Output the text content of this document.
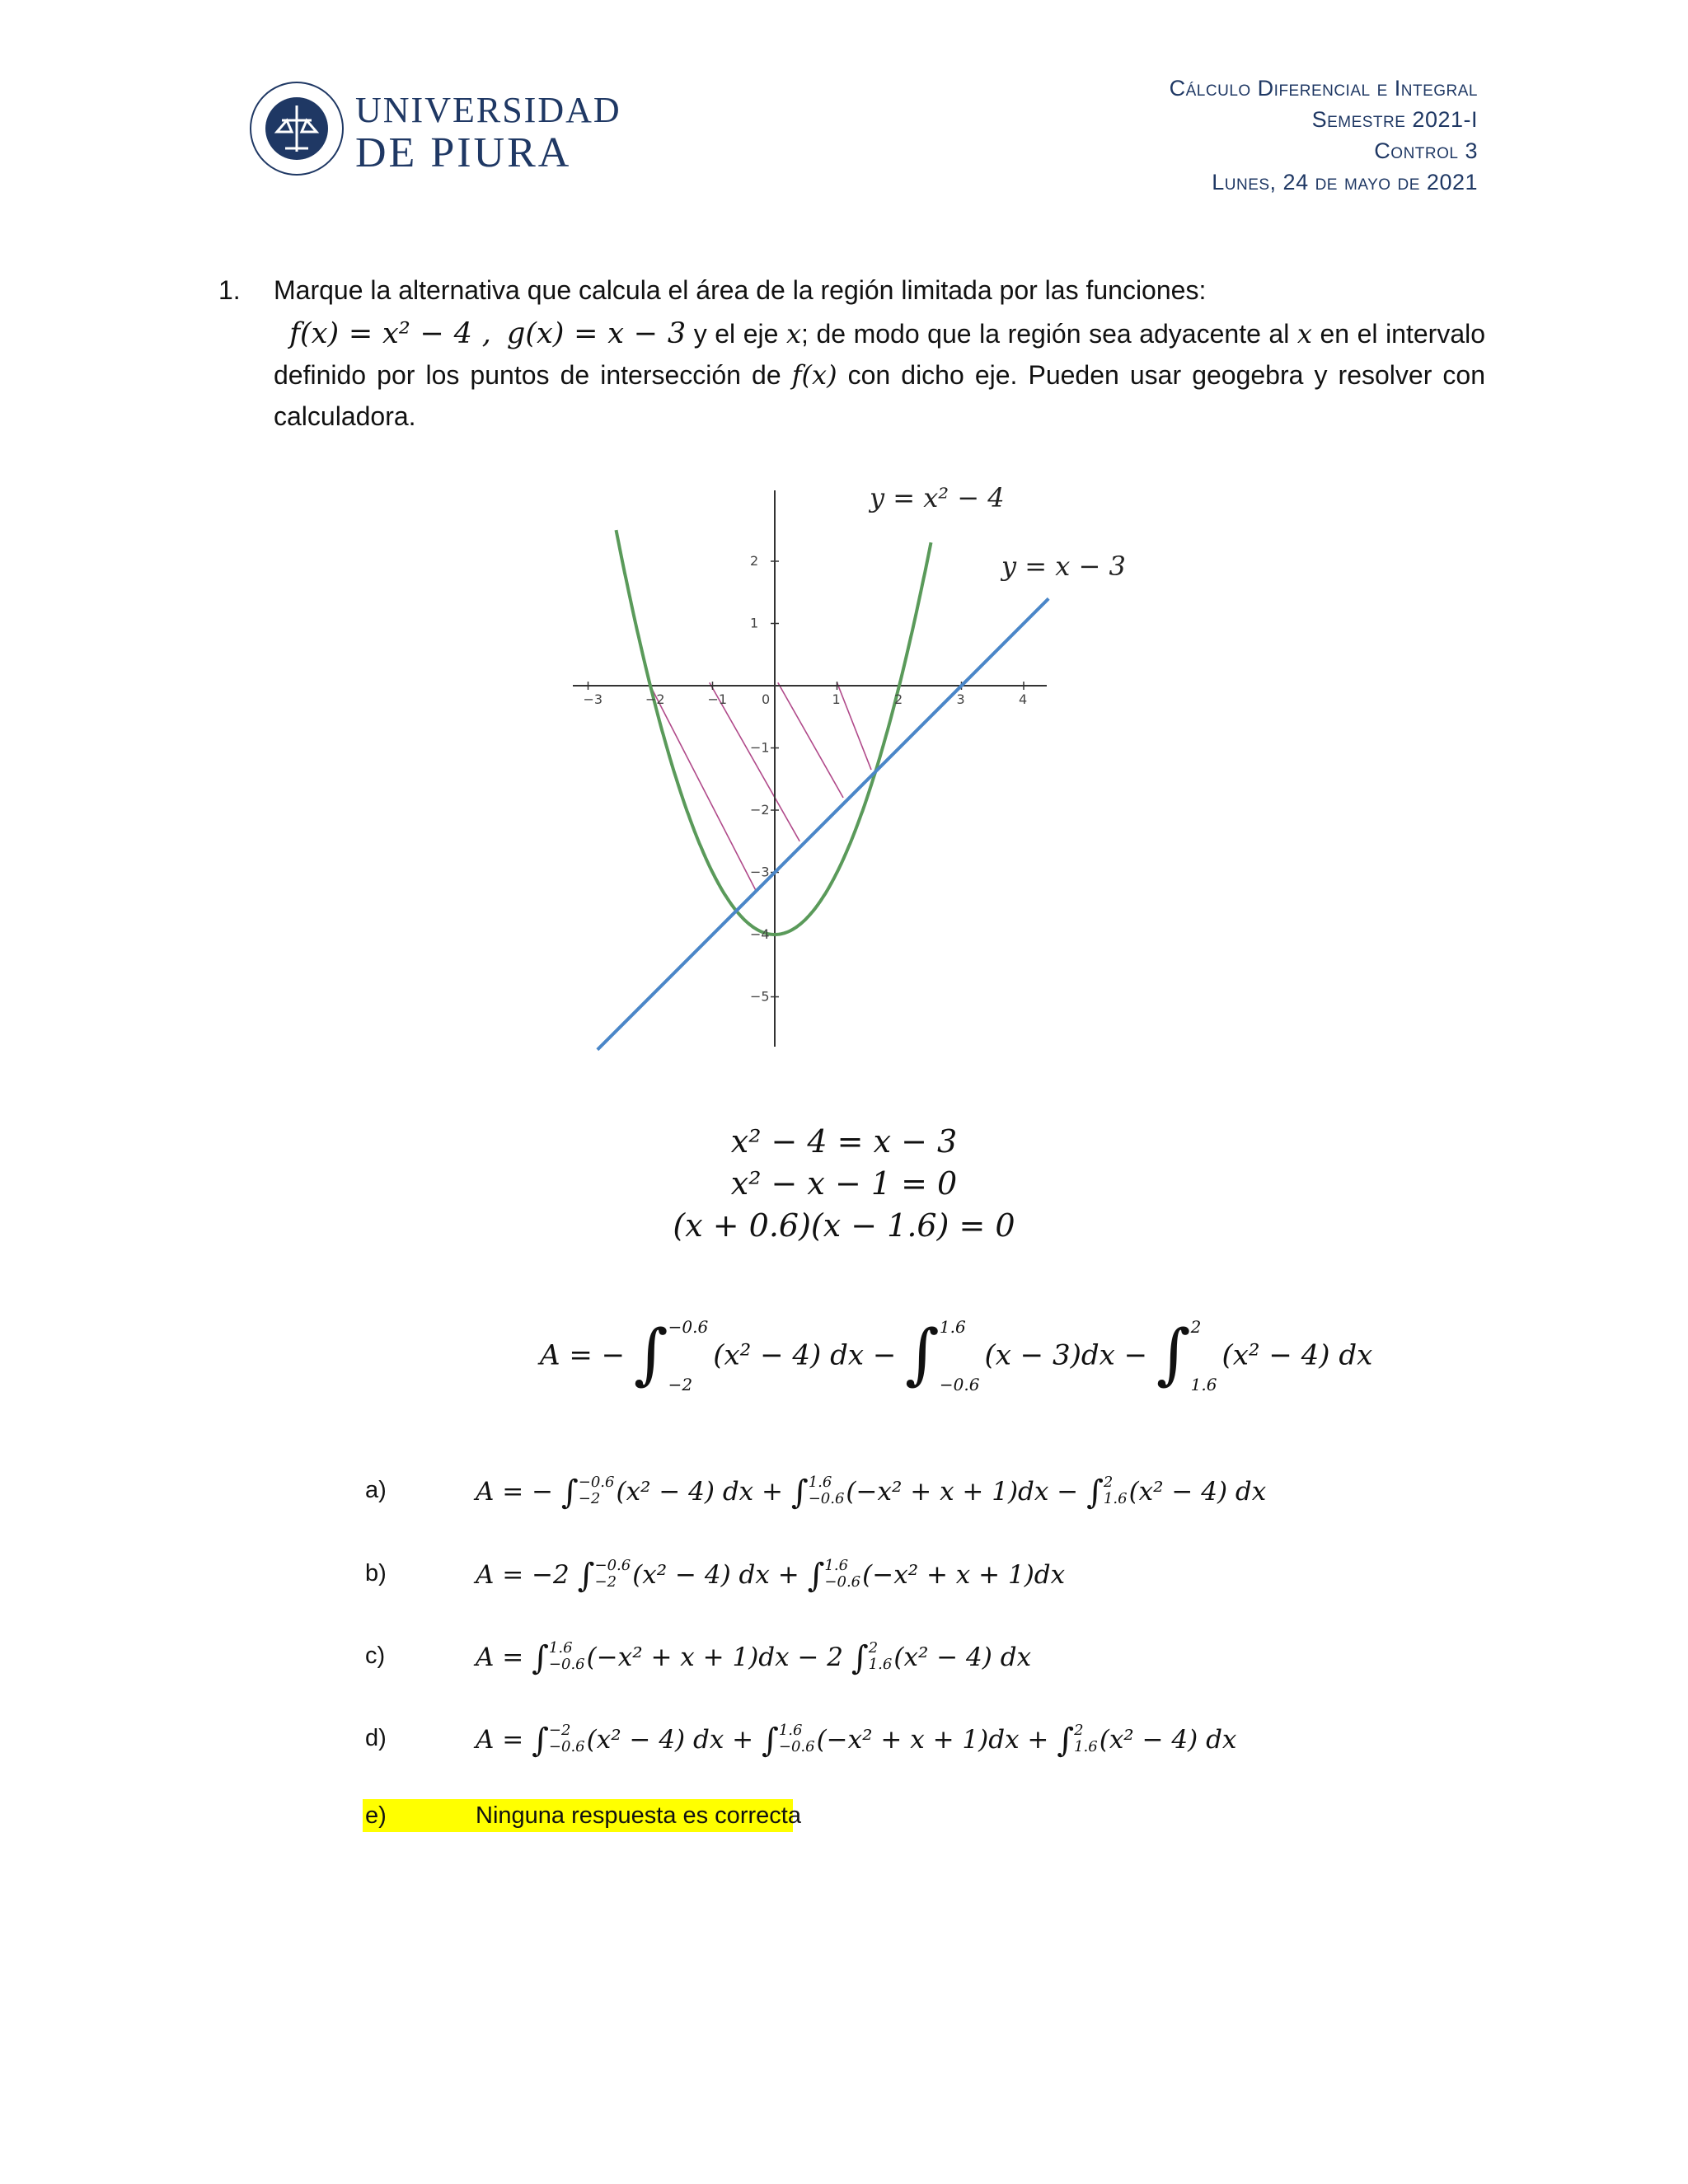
UNIVERSIDAD
DE PIURA
Cálculo Diferencial e Integral
Semestre 2021-I
Control 3
Lunes, 24 de mayo de 2021
1. Marque la alternativa que calcula el área de la región limitada por las funciones:
f(x) = x² − 4 , g(x) = x − 3 y el eje x; de modo que la región sea adyacente al x en el intervalo definido por los puntos de intersección de f(x) con dicho eje. Pueden usar geogebra y resolver con calculadora.
y = x² − 4
y = x − 3
−3	−2	−1	0	1	2	3	4
2
1
−1
−2
−3
−4
−5
x² − 4 = x − 3
x² − x − 1 = 0
(x + 0.6)(x − 1.6) = 0
A = − ∫ −0.6
−2
(x² − 4) dx − ∫ 1.6
−0.6
(x − 3)dx − ∫ 2
1.6
(x² − 4) dx
a)	A = − ∫ −0.6
−2 (x² − 4) dx + ∫ 1.6
−0.6 (−x² + x + 1)dx − ∫ 2
1.6 (x² − 4) dx
b)	A = −2 ∫ −0.6
−2 (x² − 4) dx + ∫ 1.6
−0.6 (−x² + x + 1)dx
c)	A = ∫ 1.6
−0.6 (−x² + x + 1)dx − 2 ∫ 2
1.6 (x² − 4) dx
d)	A = ∫ −2
−0.6 (x² − 4) dx + ∫ 1.6
−0.6 (−x² + x + 1)dx + ∫ 2
1.6 (x² − 4) dx
e)	Ninguna respuesta es correcta
